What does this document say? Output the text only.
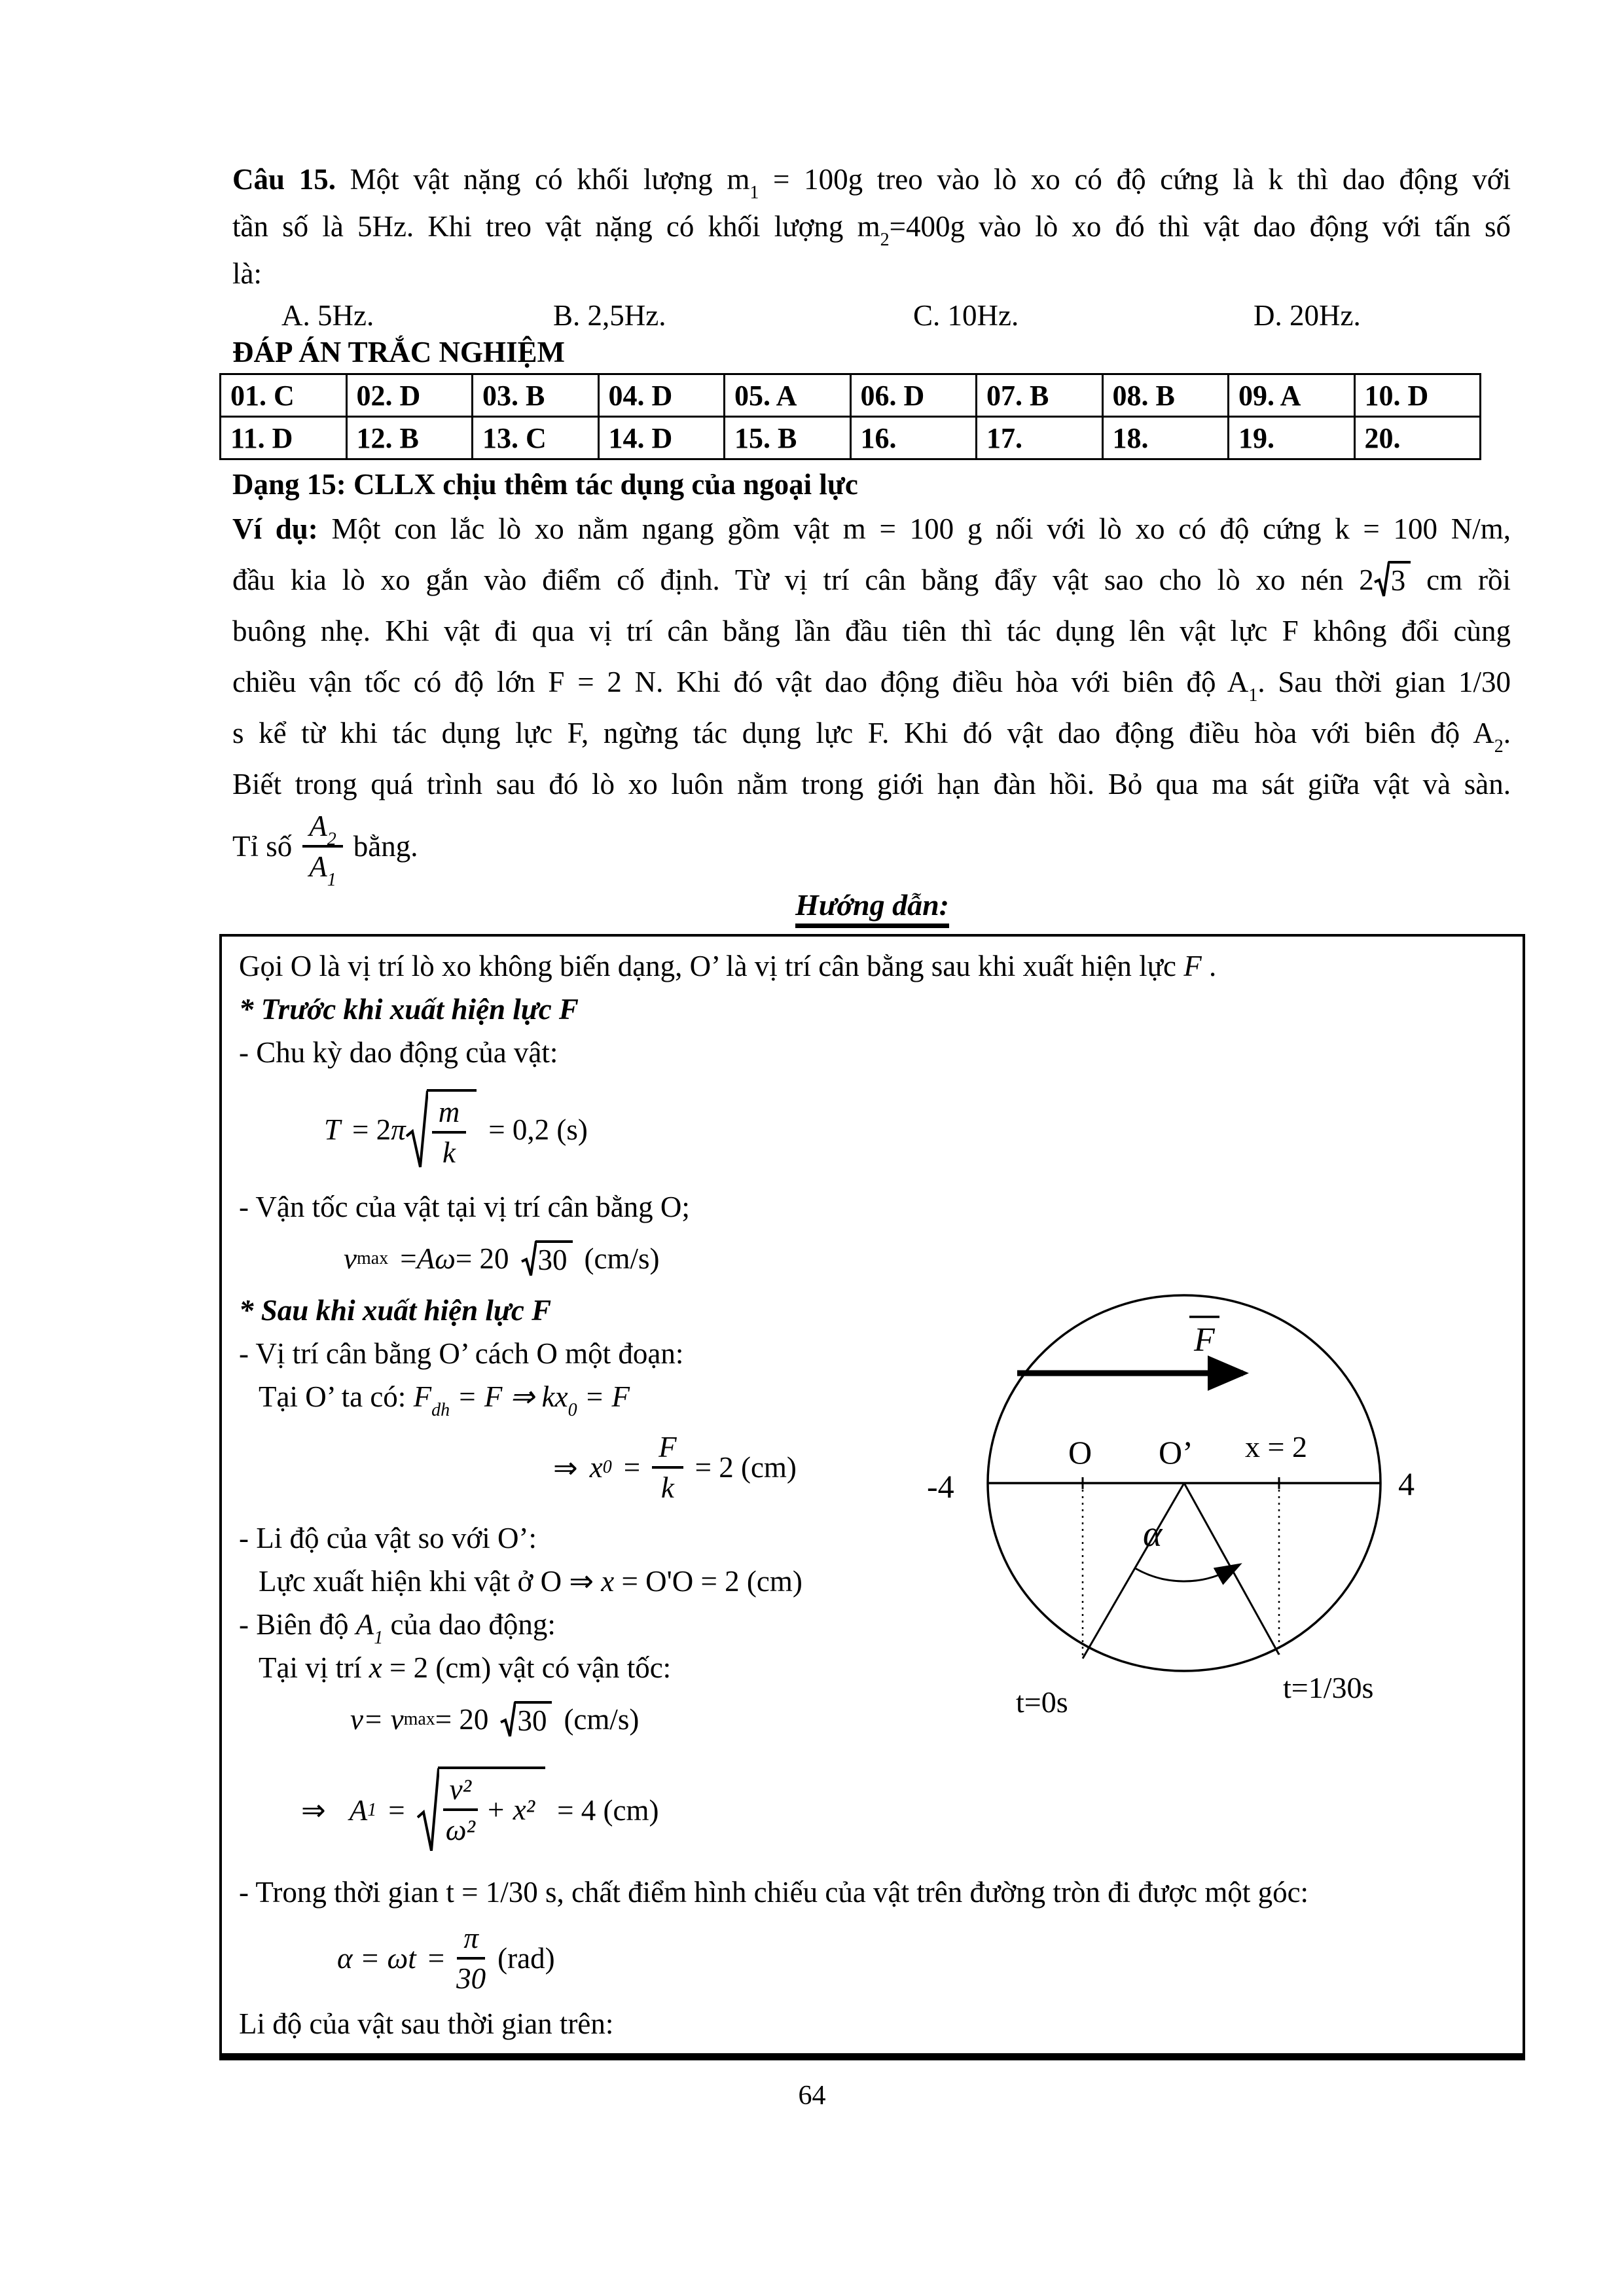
Câu 15. Một vật nặng có khối lượng $m_1 = 100g$ treo vào lò xo có độ cứng là k thì dao động với
tần số là 5Hz. Khi treo vật nặng có khối lượng $m_2=400g$ vào lò xo đó thì vật dao động với tấn số
là:
A. 5Hz.	B. 2,5Hz.	C. 10Hz.	D. 20Hz.
ĐÁP ÁN TRẮC NGHIỆM
01. C	02. D	03. B	04. D	05. A	06. D	07. B	08. B	09. A	10. D
11. D	12. B	13. C	14. D	15. B	16.	17.	18.	19.	20.
Dạng 15: CLLX chịu thêm tác dụng của ngoại lực
Ví dụ: Một con lắc lò xo nằm ngang gồm vật m = 100 g nối với lò xo có độ cứng k = 100 N/m,
đầu kia lò xo gắn vào điểm cố định. Từ vị trí cân bằng đẩy vật sao cho lò xo nén 2 3 cm rồi
buông nhẹ. Khi vật đi qua vị trí cân bằng lần đầu tiên thì tác dụng lên vật lực F không đổi cùng
chiều vận tốc có độ lớn F = 2 N. Khi đó vật dao động điều hòa với biên độ $A_1$. Sau thời gian 1/30
s kể từ khi tác dụng lực F, ngừng tác dụng lực F. Khi đó vật dao động điều hòa với biên độ $A_2$.
Biết trong quá trình sau đó lò xo luôn nằm trong giới hạn đàn hồi. Bỏ qua ma sát giữa vật và sàn.
Tỉ số $\frac{A_2}{A_1}$ bằng.
Hướng dẫn:
Gọi O là vị trí lò xo không biến dạng, O’ là vị trí cân bằng sau khi xuất hiện lực F .
* Trước khi xuất hiện lực F
- Chu kỳ dao động của vật:
T = 2 π $\frac{m}{k} = 0,2$ (s)
- Vận tốc của vật tại vị trí cân bằng O;
v max = Aω = 20 30 (cm/s)
* Sau khi xuất hiện lực F
- Vị trí cân bằng O’ cách O một đoạn:
Tại O’ ta có: $F_{dh} = F$ ⇒ $kx_0 = F$
⇒ x $0 = \frac{F}{k} = 2$ (cm)
- Li độ của vật so với O’:
Lực xuất hiện khi vật ở O ⇒ x = O'O = 2 (cm)
- Biên độ $A_1$ của dao động:
Tại vị trí x = 2 (cm) vật có vận tốc:
v = v max = 20 30 (cm/s)
⇒ A $1 = \frac{\text{v²}}{\text{ω²}} + x^2 = 4$ (cm)
- Trong thời gian t = 1/30 s, chất điểm hình chiếu của vật trên đường tròn đi được một góc:
$\alpha = \omega t = \frac{\pi}{30} (rad)$
Li độ của vật sau thời gian trên:
F
O O’ x = 2
-4	4
α
t=0s	t=1/30s
64
